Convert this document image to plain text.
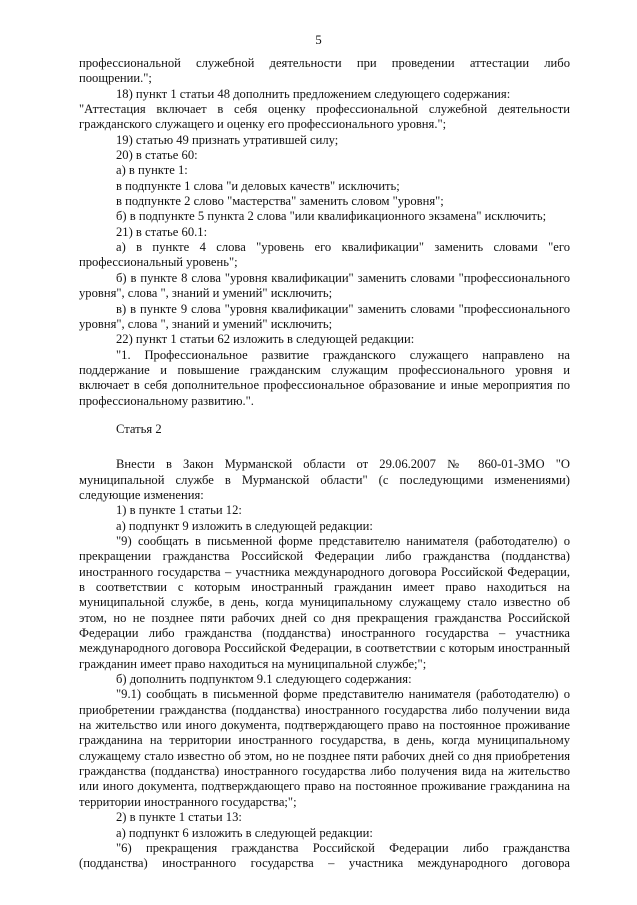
5

профессиональной служебной деятельности при проведении аттестации либо поощрении.";

18) пункт 1 статьи 48 дополнить предложением следующего содержания:

"Аттестация включает в себя оценку профессиональной служебной деятельности гражданского служащего и оценку его профессионального уровня.";

19) статью 49 признать утратившей силу;

20) в статье 60:

а) в пункте 1:

в подпункте 1 слова "и деловых качеств" исключить;

в подпункте 2 слово "мастерства" заменить словом "уровня";

б) в подпункте 5 пункта 2 слова "или квалификационного экзамена" исключить;

21) в статье 60.1:

а) в пункте 4 слова "уровень его квалификации" заменить словами "его профессиональный уровень";

б) в пункте 8 слова "уровня квалификации" заменить словами "профессионального уровня", слова ", знаний и умений" исключить;

в) в пункте 9 слова "уровня квалификации" заменить словами "профессионального уровня", слова ", знаний и умений" исключить;

22) пункт 1 статьи 62 изложить в следующей редакции:

"1. Профессиональное развитие гражданского служащего направлено на поддержание и повышение гражданским служащим профессионального уровня и включает в себя дополнительное профессиональное образование и иные мероприятия по профессиональному развитию.".

Статья 2

Внести в Закон Мурманской области от 29.06.2007 № 860-01-ЗМО "О муниципальной службе в Мурманской области" (с последующими изменениями) следующие изменения:

1) в пункте 1 статьи 12:

а) подпункт 9 изложить в следующей редакции:

"9) сообщать в письменной форме представителю нанимателя (работодателю) о прекращении гражданства Российской Федерации либо гражданства (подданства) иностранного государства – участника международного договора Российской Федерации, в соответствии с которым иностранный гражданин имеет право находиться на муниципальной службе, в день, когда муниципальному служащему стало известно об этом, но не позднее пяти рабочих дней со дня прекращения гражданства Российской Федерации либо гражданства (подданства) иностранного государства – участника международного договора Российской Федерации, в соответствии с которым иностранный гражданин имеет право находиться на муниципальной службе;";

б) дополнить подпунктом 9.1 следующего содержания:

"9.1) сообщать в письменной форме представителю нанимателя (работодателю) о приобретении гражданства (подданства) иностранного государства либо получении вида на жительство или иного документа, подтверждающего право на постоянное проживание гражданина на территории иностранного государства, в день, когда муниципальному служащему стало известно об этом, но не позднее пяти рабочих дней со дня приобретения гражданства (подданства) иностранного государства либо получения вида на жительство или иного документа, подтверждающего право на постоянное проживание гражданина на территории иностранного государства;";

2) в пункте 1 статьи 13:

а) подпункт 6 изложить в следующей редакции:

"6) прекращения гражданства Российской Федерации либо гражданства (подданства) иностранного государства – участника международного договора
